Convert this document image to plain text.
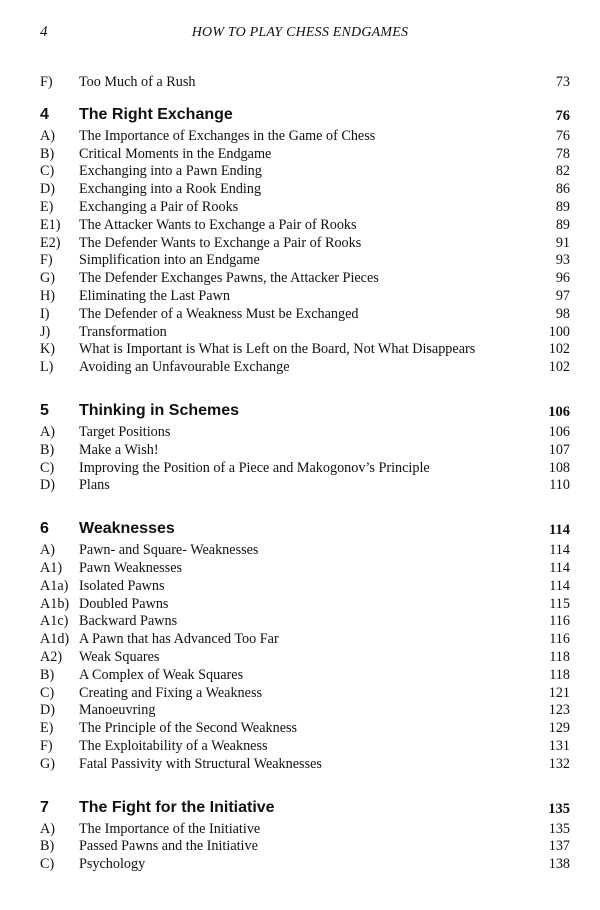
4	HOW TO PLAY CHESS ENDGAMES
F) Too Much of a Rush	73
4 The Right Exchange	76
A) The Importance of Exchanges in the Game of Chess	76
B) Critical Moments in the Endgame	78
C) Exchanging into a Pawn Ending	82
D) Exchanging into a Rook Ending	86
E) Exchanging a Pair of Rooks	89
E1) The Attacker Wants to Exchange a Pair of Rooks	89
E2) The Defender Wants to Exchange a Pair of Rooks	91
F) Simplification into an Endgame	93
G) The Defender Exchanges Pawns, the Attacker Pieces	96
H) Eliminating the Last Pawn	97
I) The Defender of a Weakness Must be Exchanged	98
J) Transformation	100
K) What is Important is What is Left on the Board, Not What Disappears	102
L) Avoiding an Unfavourable Exchange	102
5 Thinking in Schemes	106
A) Target Positions	106
B) Make a Wish!	107
C) Improving the Position of a Piece and Makogonov’s Principle	108
D) Plans	110
6 Weaknesses	114
A) Pawn- and Square- Weaknesses	114
A1) Pawn Weaknesses	114
A1a) Isolated Pawns	114
A1b) Doubled Pawns	115
A1c) Backward Pawns	116
A1d) A Pawn that has Advanced Too Far	116
A2) Weak Squares	118
B) A Complex of Weak Squares	118
C) Creating and Fixing a Weakness	121
D) Manoeuvring	123
E) The Principle of the Second Weakness	129
F) The Exploitability of a Weakness	131
G) Fatal Passivity with Structural Weaknesses	132
7 The Fight for the Initiative	135
A) The Importance of the Initiative	135
B) Passed Pawns and the Initiative	137
C) Psychology	138
